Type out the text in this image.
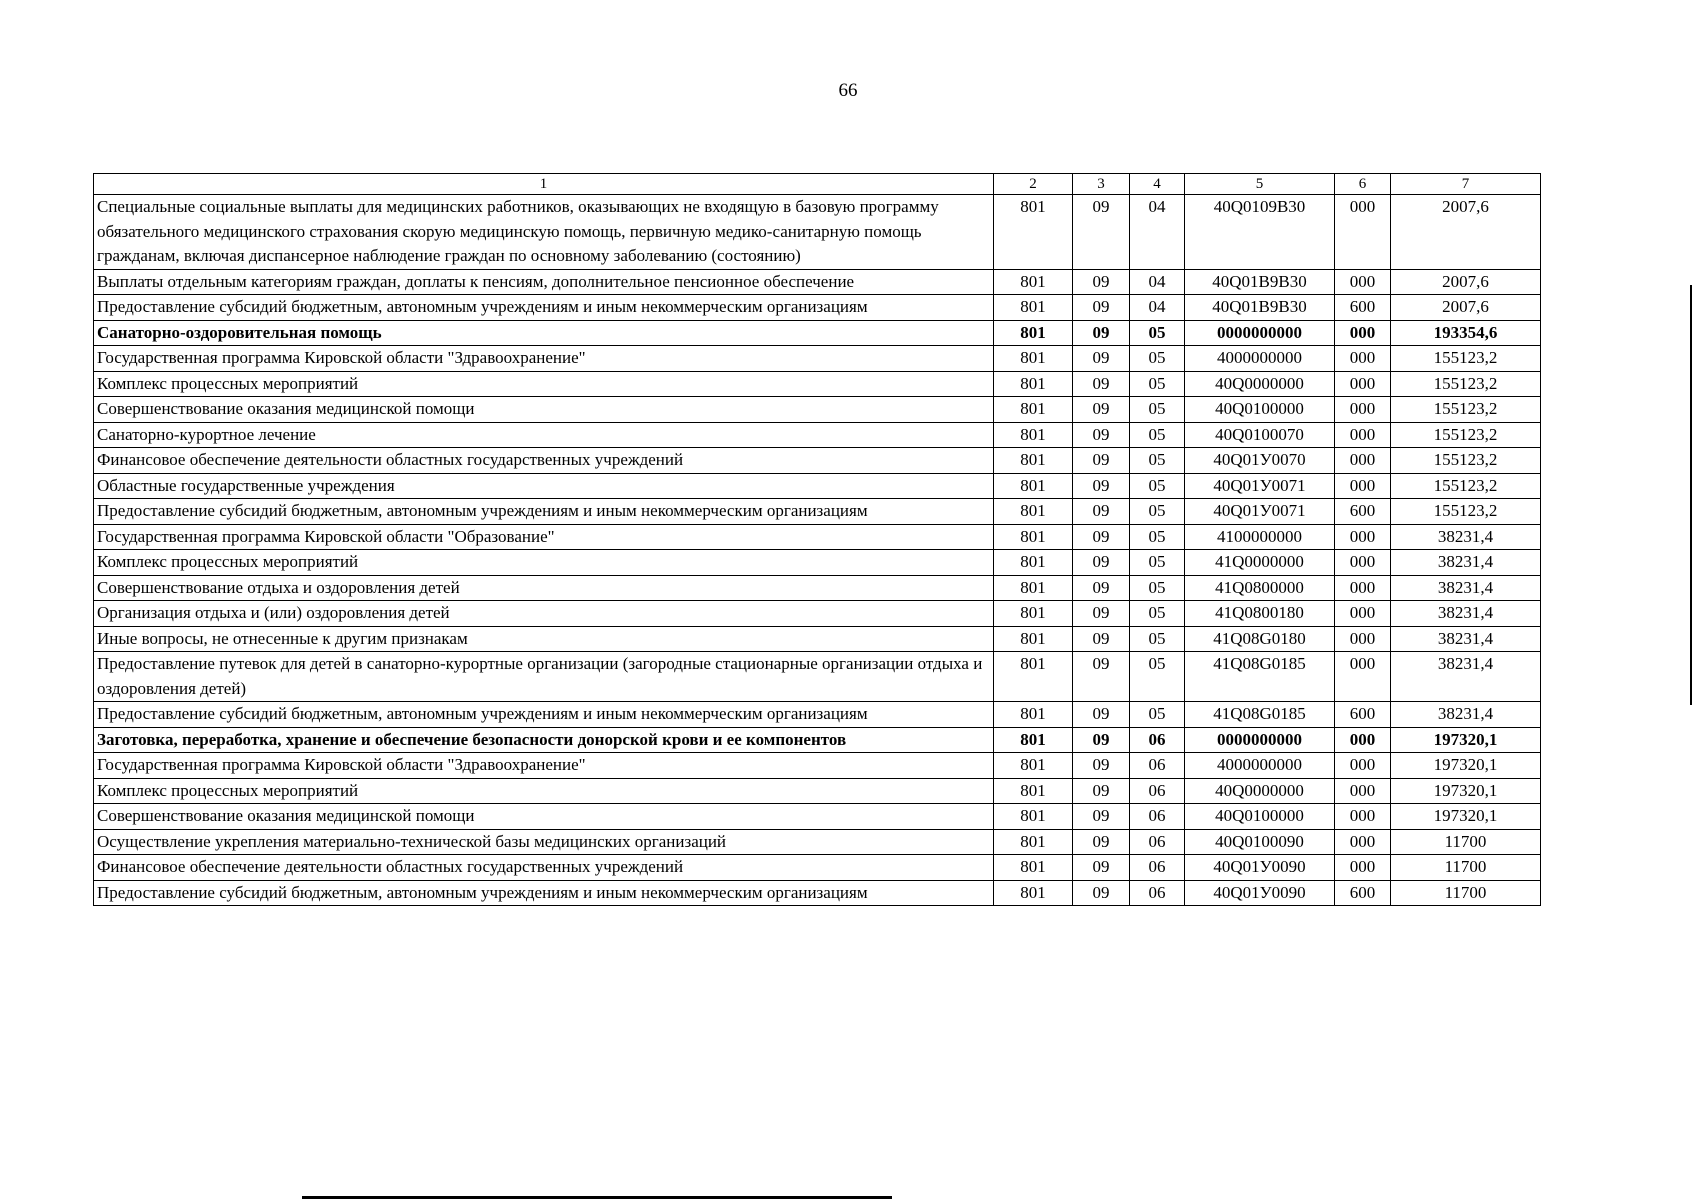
66
1	2	3	4	5	6	7
Специальные социальные выплаты для медицинских работников, оказывающих не входящую в базовую программу обязательного медицинского страхования скорую медицинскую помощь, первичную медико-санитарную помощь гражданам, включая диспансерное наблюдение граждан по основному заболеванию (состоянию)	801	09	04	40Q0109B30	000	2007,6
Выплаты отдельным категориям граждан, доплаты к пенсиям, дополнительное пенсионное обеспечение	801	09	04	40Q01B9B30	000	2007,6
Предоставление субсидий бюджетным, автономным учреждениям и иным некоммерческим организациям	801	09	04	40Q01B9B30	600	2007,6
Санаторно-оздоровительная помощь	801	09	05	0000000000	000	193354,6
Государственная программа Кировской области "Здравоохранение"	801	09	05	4000000000	000	155123,2
Комплекс процессных мероприятий	801	09	05	40Q0000000	000	155123,2
Совершенствование оказания медицинской помощи	801	09	05	40Q0100000	000	155123,2
Санаторно-курортное лечение	801	09	05	40Q0100070	000	155123,2
Финансовое обеспечение деятельности областных государственных учреждений	801	09	05	40Q01У0070	000	155123,2
Областные государственные учреждения	801	09	05	40Q01У0071	000	155123,2
Предоставление субсидий бюджетным, автономным учреждениям и иным некоммерческим организациям	801	09	05	40Q01У0071	600	155123,2
Государственная программа Кировской области "Образование"	801	09	05	4100000000	000	38231,4
Комплекс процессных мероприятий	801	09	05	41Q0000000	000	38231,4
Совершенствование отдыха и оздоровления детей	801	09	05	41Q0800000	000	38231,4
Организация отдыха и (или) оздоровления детей	801	09	05	41Q0800180	000	38231,4
Иные вопросы, не отнесенные к другим признакам	801	09	05	41Q08G0180	000	38231,4
Предоставление путевок для детей в санаторно-курортные организации (загородные стационарные организации отдыха и оздоровления детей)	801	09	05	41Q08G0185	000	38231,4
Предоставление субсидий бюджетным, автономным учреждениям и иным некоммерческим организациям	801	09	05	41Q08G0185	600	38231,4
Заготовка, переработка, хранение и обеспечение безопасности донорской крови и ее компонентов	801	09	06	0000000000	000	197320,1
Государственная программа Кировской области "Здравоохранение"	801	09	06	4000000000	000	197320,1
Комплекс процессных мероприятий	801	09	06	40Q0000000	000	197320,1
Совершенствование оказания медицинской помощи	801	09	06	40Q0100000	000	197320,1
Осуществление укрепления материально-технической базы медицинских организаций	801	09	06	40Q0100090	000	11700
Финансовое обеспечение деятельности областных государственных учреждений	801	09	06	40Q01У0090	000	11700
Предоставление субсидий бюджетным, автономным учреждениям и иным некоммерческим организациям	801	09	06	40Q01У0090	600	11700
